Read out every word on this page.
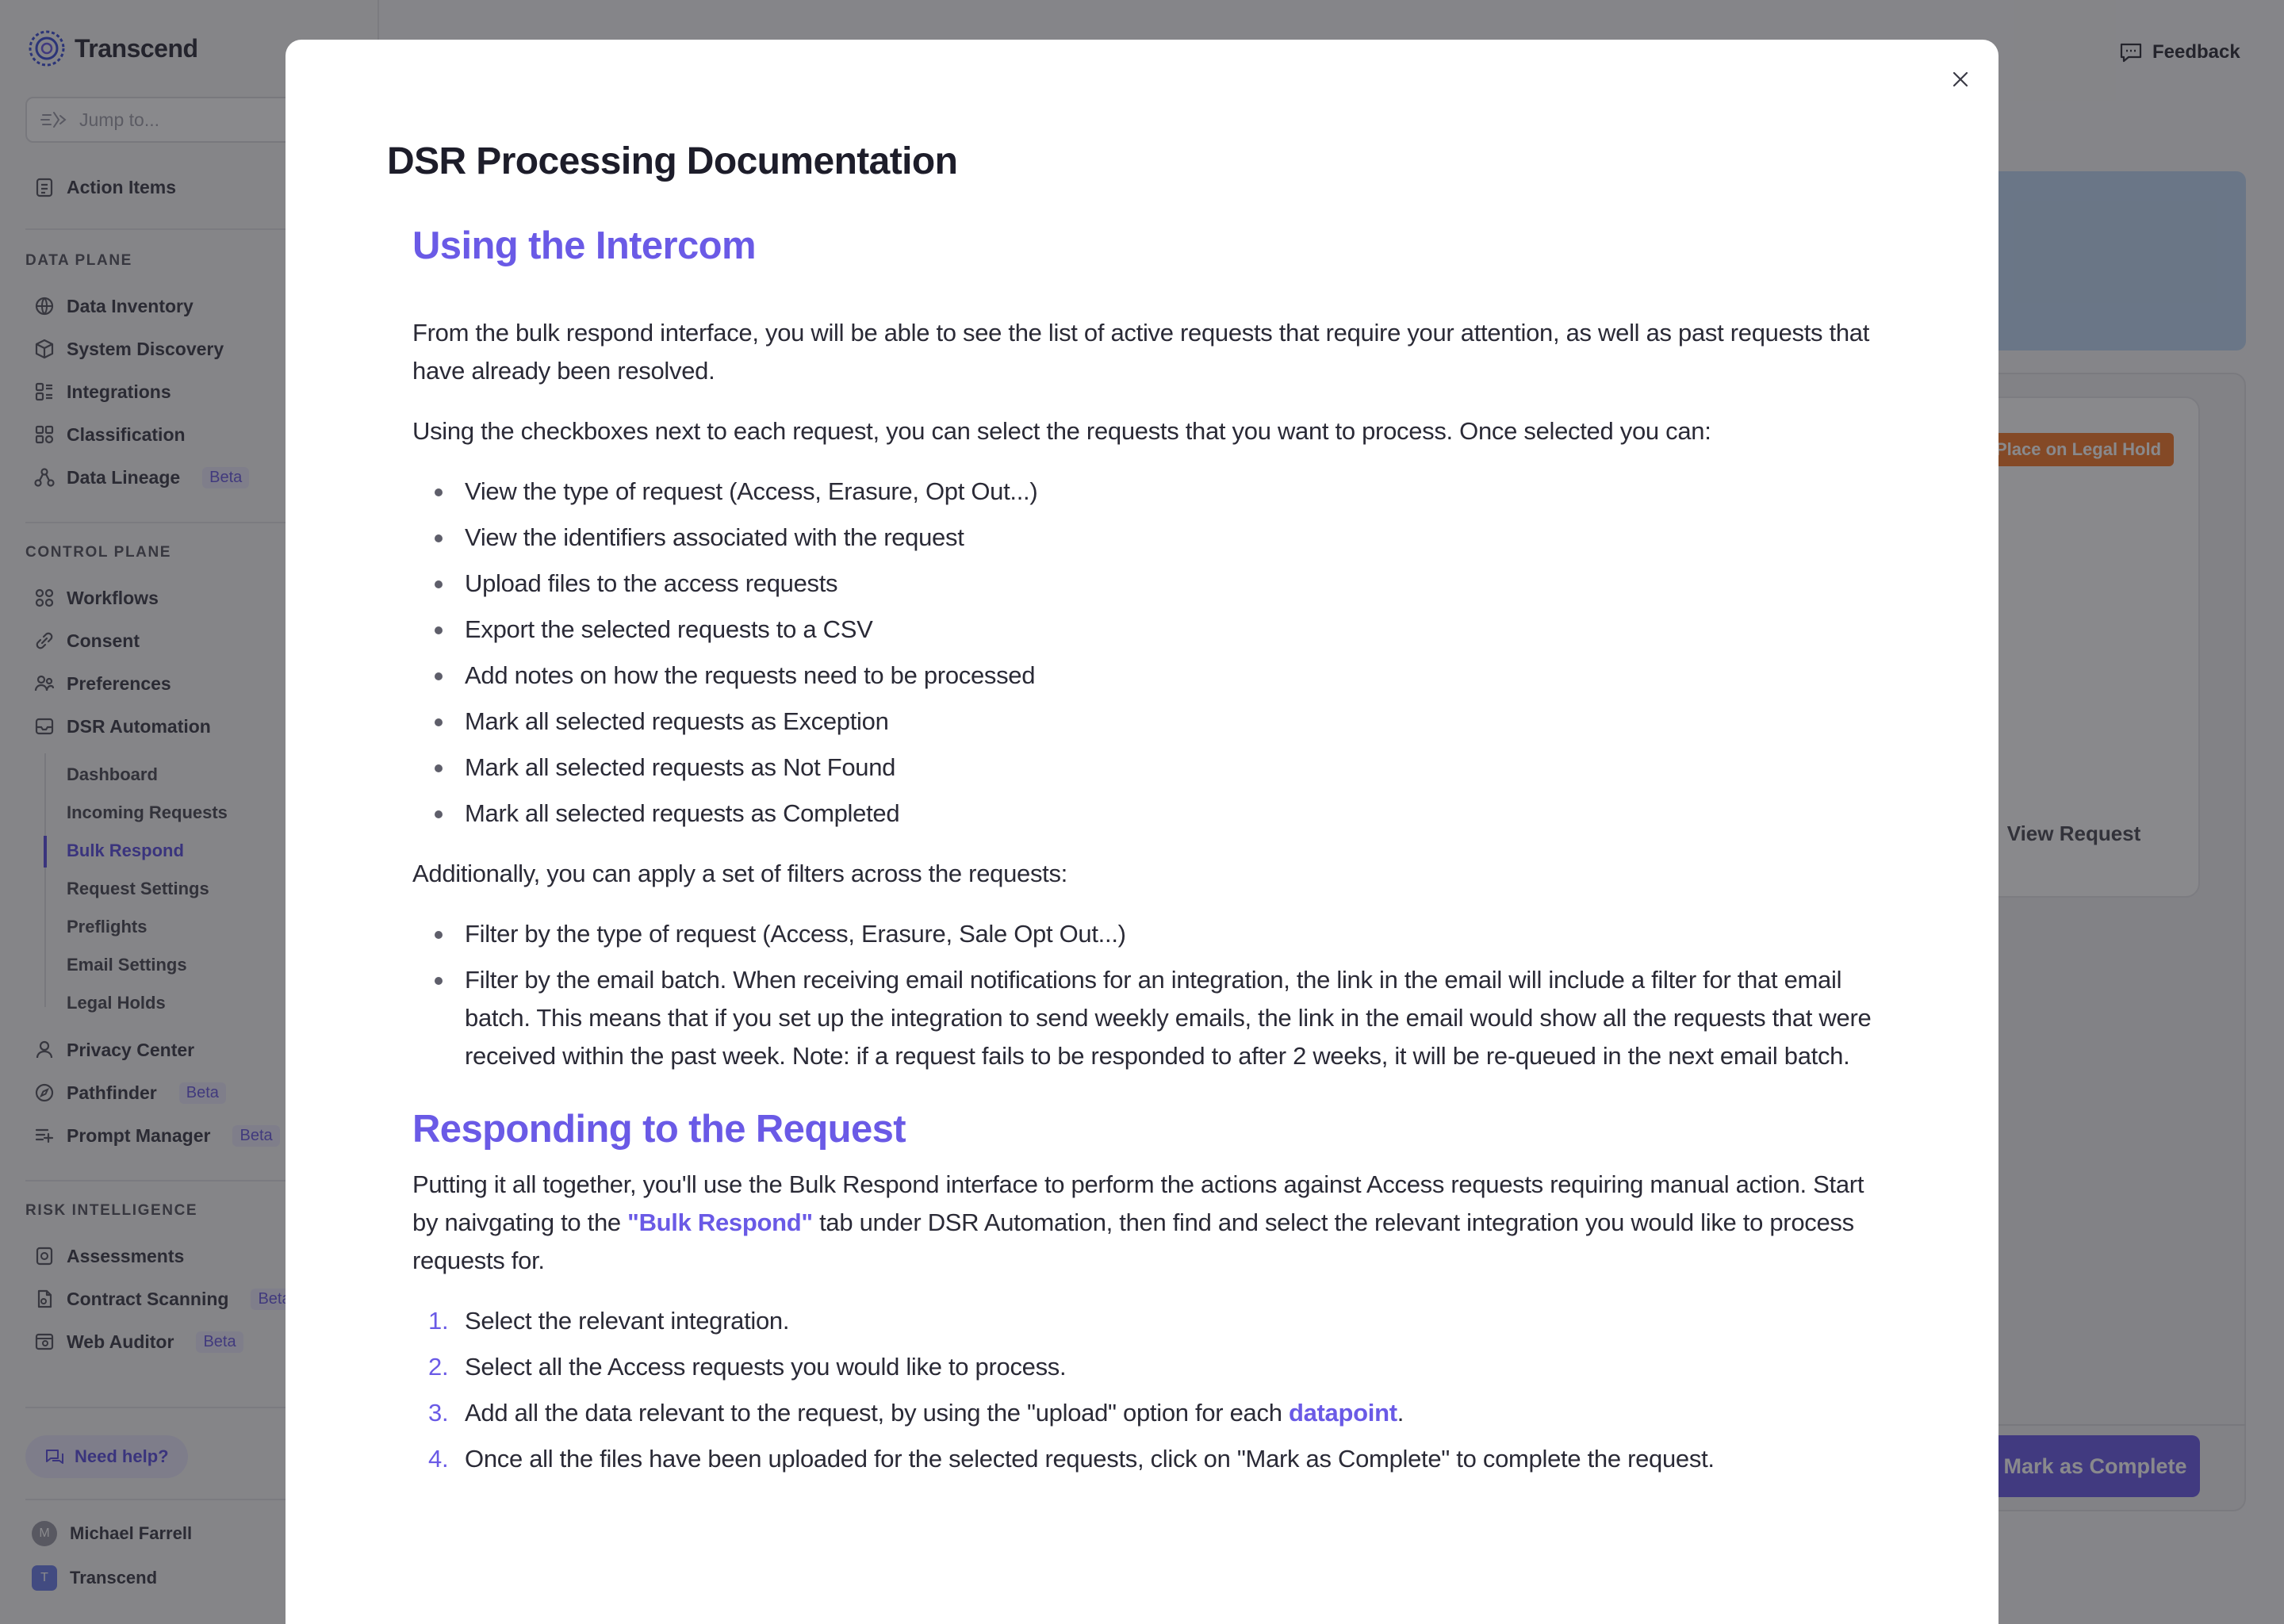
DSR Processing Documentation
Using the Intercom

From the bulk respond interface, you will be able to see the list of active requests that require your attention, as well as past requests that have already been resolved.

Using the checkboxes next to each request, you can select the requests that you want to process. Once selected you can:

View the type of request (Access, Erasure, Opt Out...)
View the identifiers associated with the request
Upload files to the access requests
Export the selected requests to a CSV
Add notes on how the requests need to be processed
Mark all selected requests as Exception
Mark all selected requests as Not Found
Mark all selected requests as Completed

Additionally, you can apply a set of filters across the requests:

Filter by the type of request (Access, Erasure, Sale Opt Out...)
Filter by the email batch. When receiving email notifications for an integration, the link in the email will include a filter for that email batch. This means that if you set up the integration to send weekly emails, the link in the email would show all the requests that were received within the past week. Note: if a request fails to be responded to after 2 weeks, it will be re-queued in the next email batch.
Responding to the Request

Putting it all together, you'll use the Bulk Respond interface to perform the actions against Access requests requiring manual action. Start by naivgating to the "Bulk Respond" tab under DSR Automation, then find and select the relevant integration you would like to process requests for.

1. Select the relevant integration.
2. Select all the Access requests you would like to process.
3. Add all the data relevant to the request, by using the "upload" option for each datapoint.
4. Once all the files have been uploaded for the selected requests, click on "Mark as Complete" to complete the request.
